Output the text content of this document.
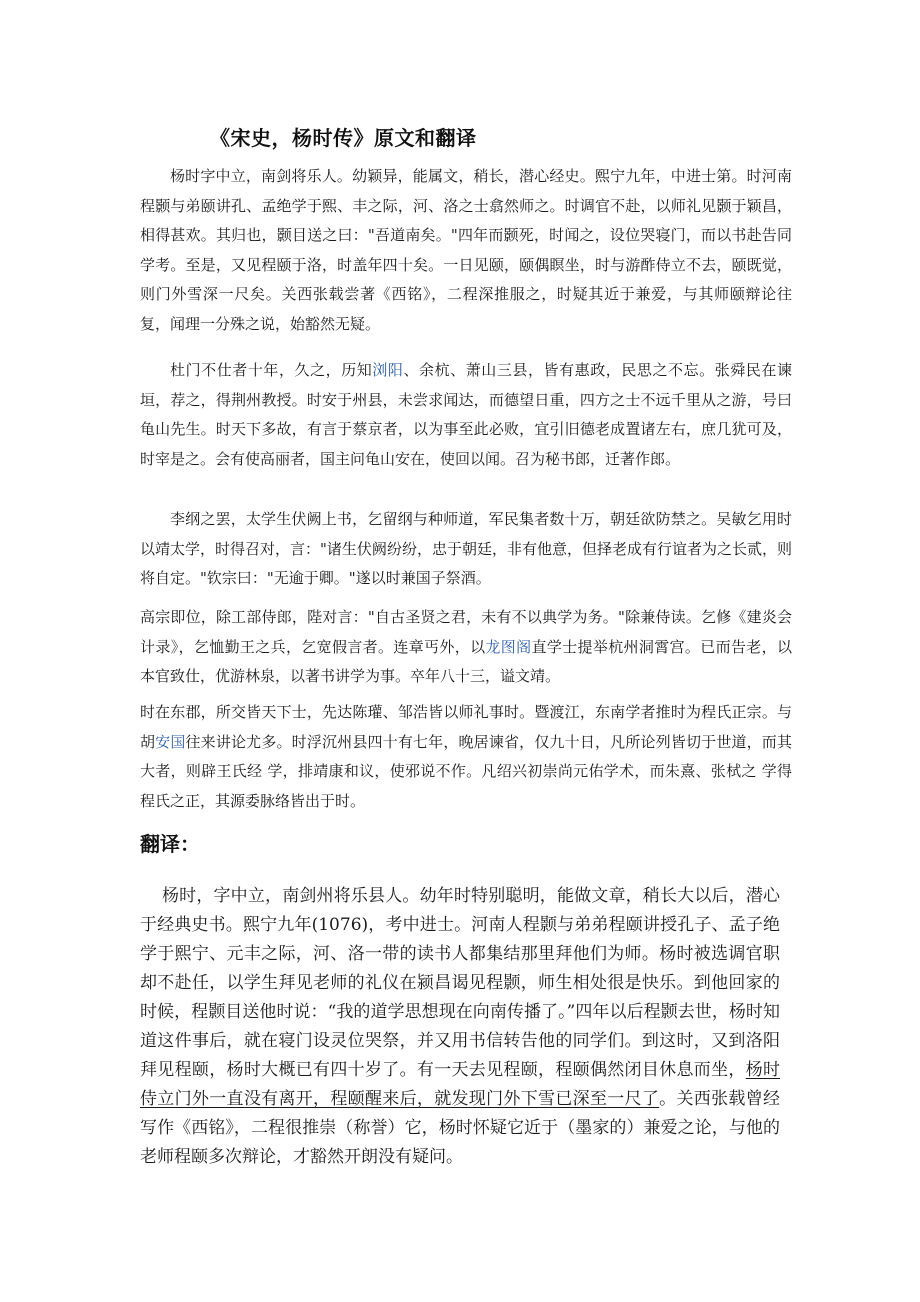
《宋史，杨时传》原文和翻译

杨时字中立，南剑将乐人。幼颖异，能属文，稍长，潜心经史。熙宁九年，中进士第。时河南程颢与弟颐讲孔、孟绝学于熙、丰之际，河、洛之士翕然师之。时调官不赴，以师礼见颢于颖昌，相得甚欢。其归也，颢目送之曰："吾道南矣。"四年而颢死，时闻之，设位哭寝门，而以书赴告同学考。至是，又见程颐于洛，时盖年四十矣。一日见颐，颐偶瞑坐，时与游酢侍立不去，颐既觉，则门外雪深一尺矣。关西张载尝著《西铭》，二程深推服之，时疑其近于兼爱，与其师颐辩论往复，闻理一分殊之说，始豁然无疑。

杜门不仕者十年，久之，历知浏阳、余杭、萧山三县，皆有惠政，民思之不忘。张舜民在谏垣，荐之，得荆州教授。时安于州县，未尝求闻达，而德望日重，四方之士不远千里从之游，号曰龟山先生。时天下多故，有言于蔡京者，以为事至此必败，宜引旧德老成置诸左右，庶几犹可及，时宰是之。会有使高丽者，国主问龟山安在，使回以闻。召为秘书郎，迁著作郎。

李纲之罢，太学生伏阙上书，乞留纲与种师道，军民集者数十万，朝廷欲防禁之。吴敏乞用时以靖太学，时得召对，言："诸生伏阙纷纷，忠于朝廷，非有他意，但择老成有行谊者为之长贰，则将自定。"钦宗曰："无逾于卿。"遂以时兼国子祭酒。

高宗即位，除工部侍郎，陛对言："自古圣贤之君，未有不以典学为务。"除兼侍读。乞修《建炎会计录》，乞恤勤王之兵，乞宽假言者。连章丐外，以龙图阁直学士提举杭州洞霄宫。已而告老，以本官致仕，优游林泉，以著书讲学为事。卒年八十三，谥文靖。

时在东郡，所交皆天下士，先达陈瓘、邹浩皆以师礼事时。暨渡江，东南学者推时为程氏正宗。与胡安国往来讲论尤多。时浮沉州县四十有七年，晚居谏省，仅九十日，凡所论列皆切于世道，而其大者，则辟王氏经 学，排靖康和议，使邪说不作。凡绍兴初崇尚元佑学术，而朱熹、张栻之 学得程氏之正，其源委脉络皆出于时。

翻译：

杨时，字中立，南剑州将乐县人。幼年时特别聪明，能做文章，稍长大以后，潜心于经典史书。熙宁九年(1076)，考中进士。河南人程颢与弟弟程颐讲授孔子、孟子绝学于熙宁、元丰之际，河、洛一带的读书人都集结那里拜他们为师。杨时被选调官职却不赴任，以学生拜见老师的礼仪在颍昌谒见程颢，师生相处很是快乐。到他回家的时候，程颢目送他时说：“我的道学思想现在向南传播了。”四年以后程颢去世，杨时知道这件事后，就在寝门设灵位哭祭，并又用书信转告他的同学们。到这时，又到洛阳拜见程颐，杨时大概已有四十岁了。有一天去见程颐，程颐偶然闭目休息而坐，杨时侍立门外一直没有离开，程颐醒来后，就发现门外下雪已深至一尺了。关西张载曾经写作《西铭》，二程很推崇（称誉）它，杨时怀疑它近于（墨家的）兼爱之论，与他的老师程颐多次辩论，才豁然开朗没有疑问。
